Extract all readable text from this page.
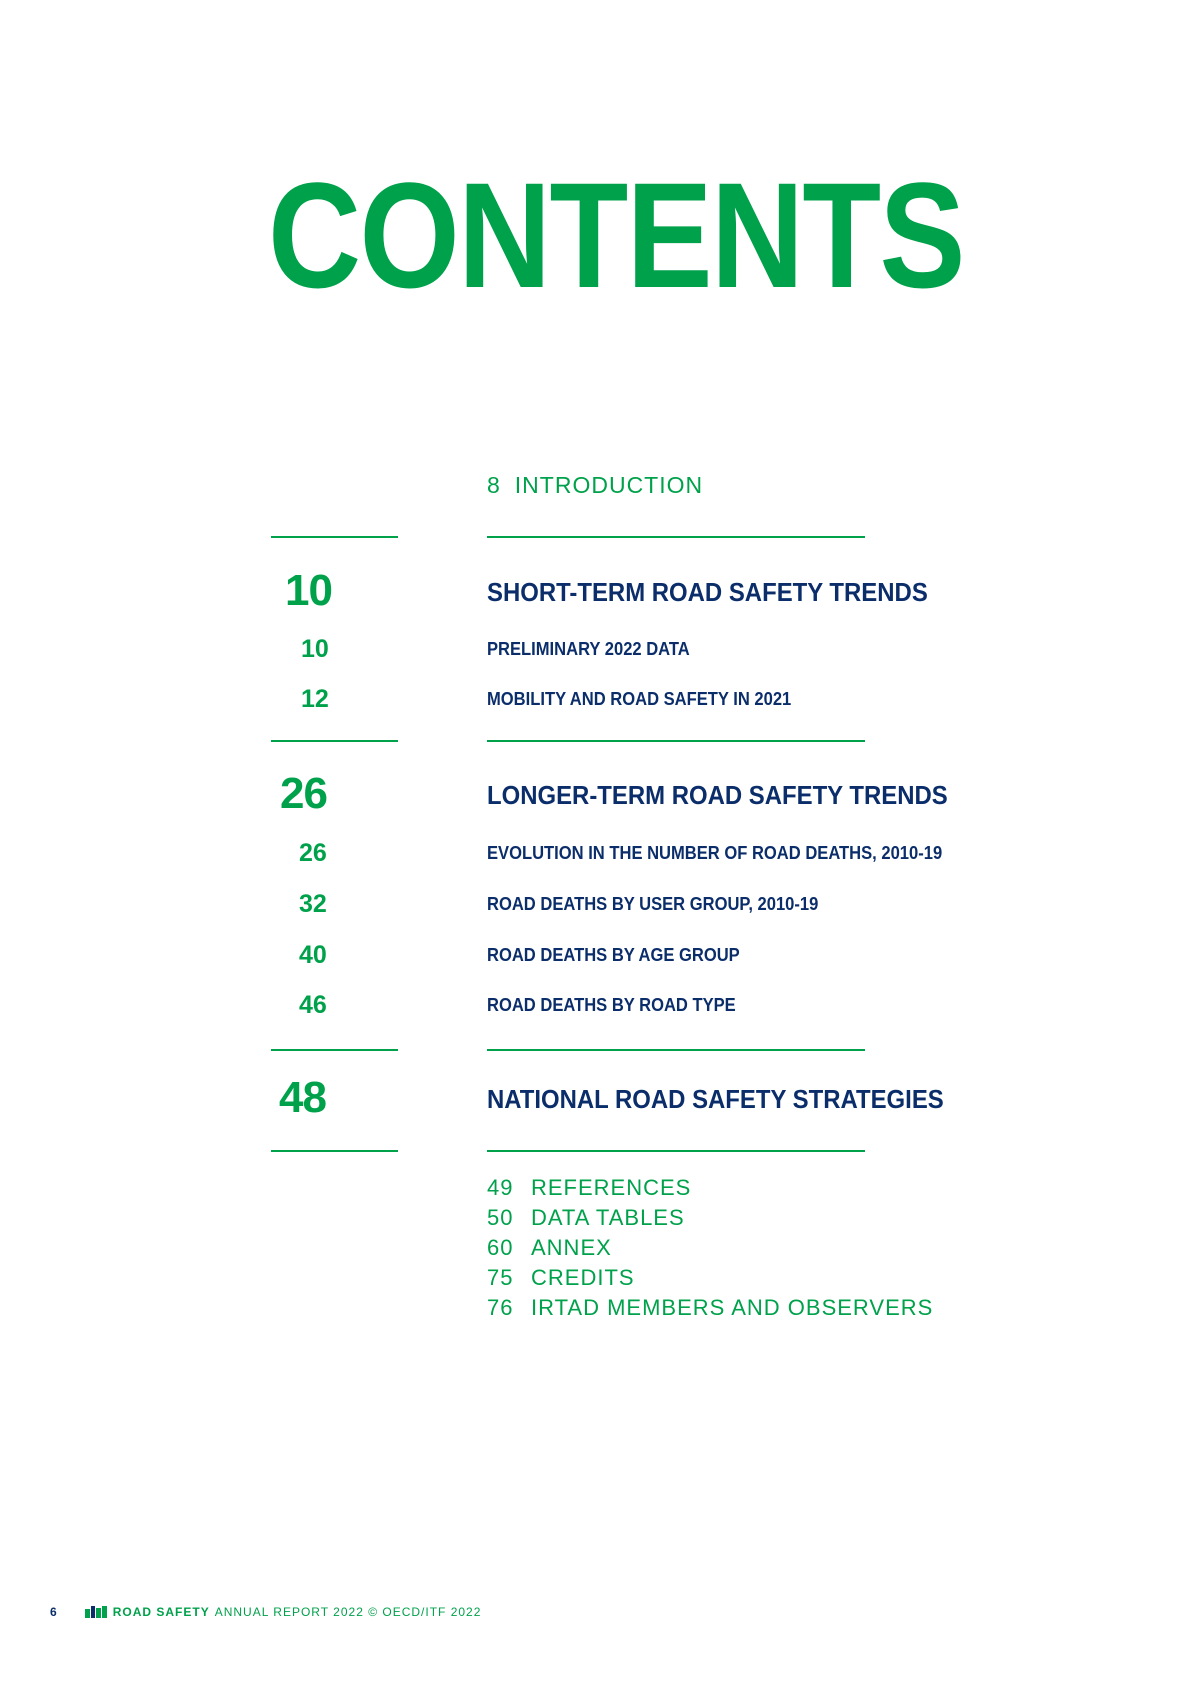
CONTENTS
8 INTRODUCTION
10	SHORT-TERM ROAD SAFETY TRENDS
10	PRELIMINARY 2022 DATA
12	MOBILITY AND ROAD SAFETY IN 2021
26	LONGER-TERM ROAD SAFETY TRENDS
26	EVOLUTION IN THE NUMBER OF ROAD DEATHS, 2010-19
32	ROAD DEATHS BY USER GROUP, 2010-19
40	ROAD DEATHS BY AGE GROUP
46	ROAD DEATHS BY ROAD TYPE
48	NATIONAL ROAD SAFETY STRATEGIES
49 REFERENCES
50 DATA TABLES
60 ANNEX
75 CREDITS
76 IRTAD MEMBERS AND OBSERVERS
6	ROAD SAFETY ANNUAL REPORT 2022 © OECD/ITF 2022
